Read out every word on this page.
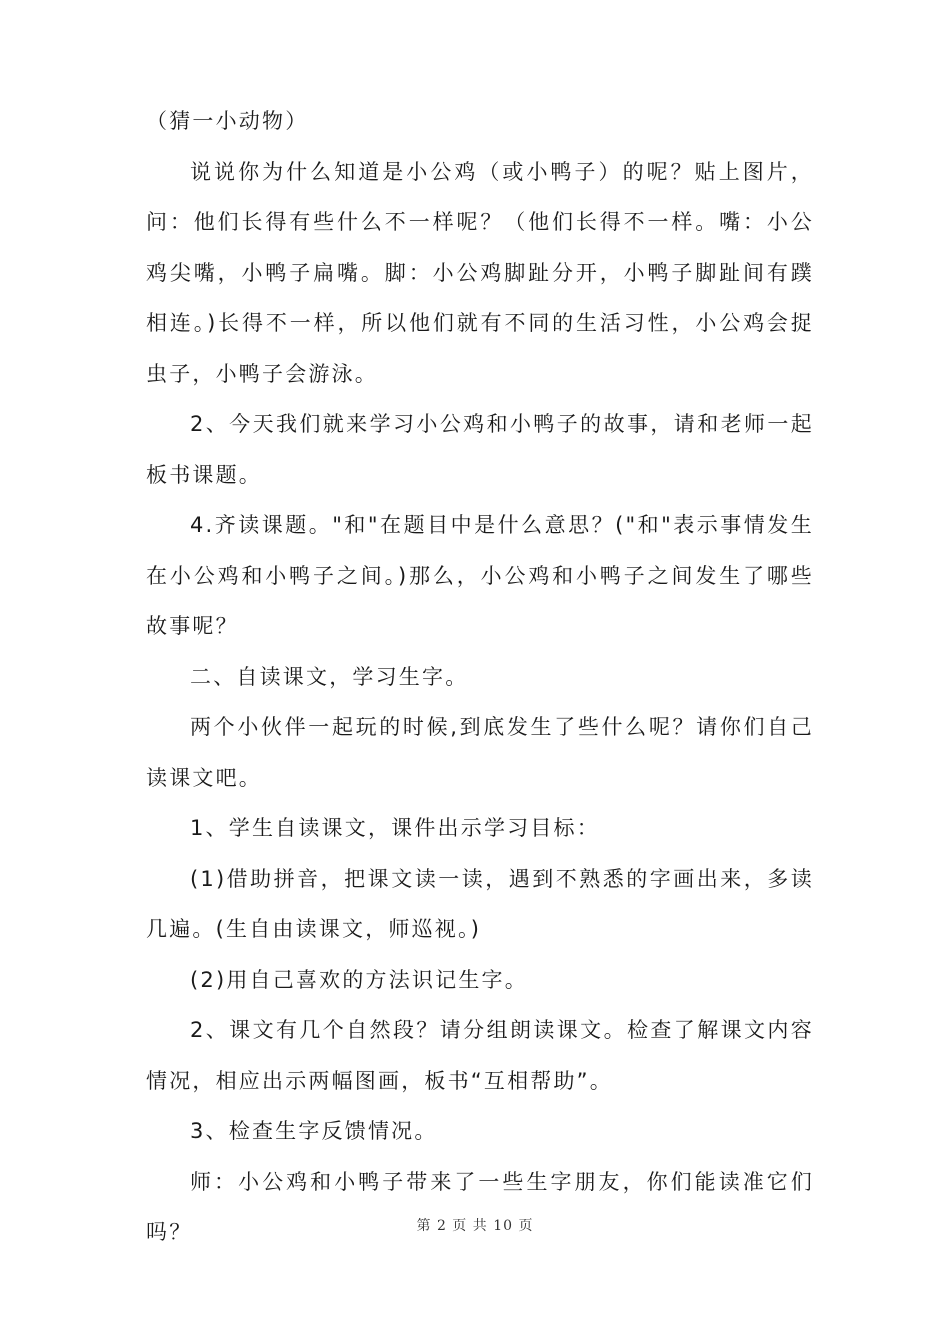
（猜一小动物）

说说你为什么知道是小公鸡（或小鸭子）的呢？贴上图片，问：他们长得有些什么不一样呢？（他们长得不一样。嘴：小公鸡尖嘴，小鸭子扁嘴。脚：小公鸡脚趾分开，小鸭子脚趾间有蹼相连。)长得不一样，所以他们就有不同的生活习性，小公鸡会捉虫子，小鸭子会游泳。

2、今天我们就来学习小公鸡和小鸭子的故事，请和老师一起板书课题。

4.齐读课题。"和"在题目中是什么意思？("和"表示事情发生在小公鸡和小鸭子之间。)那么，小公鸡和小鸭子之间发生了哪些故事呢？

二、自读课文，学习生字。

两个小伙伴一起玩的时候,到底发生了些什么呢？请你们自己读课文吧。

1、学生自读课文，课件出示学习目标：

(1)借助拼音，把课文读一读，遇到不熟悉的字画出来，多读几遍。(生自由读课文，师巡视。)

(2)用自己喜欢的方法识记生字。

2、课文有几个自然段？请分组朗读课文。检查了解课文内容情况，相应出示两幅图画，板书“互相帮助”。

3、检查生字反馈情况。

师：小公鸡和小鸭子带来了一些生字朋友，你们能读准它们吗？	第 2 页 共 10 页
